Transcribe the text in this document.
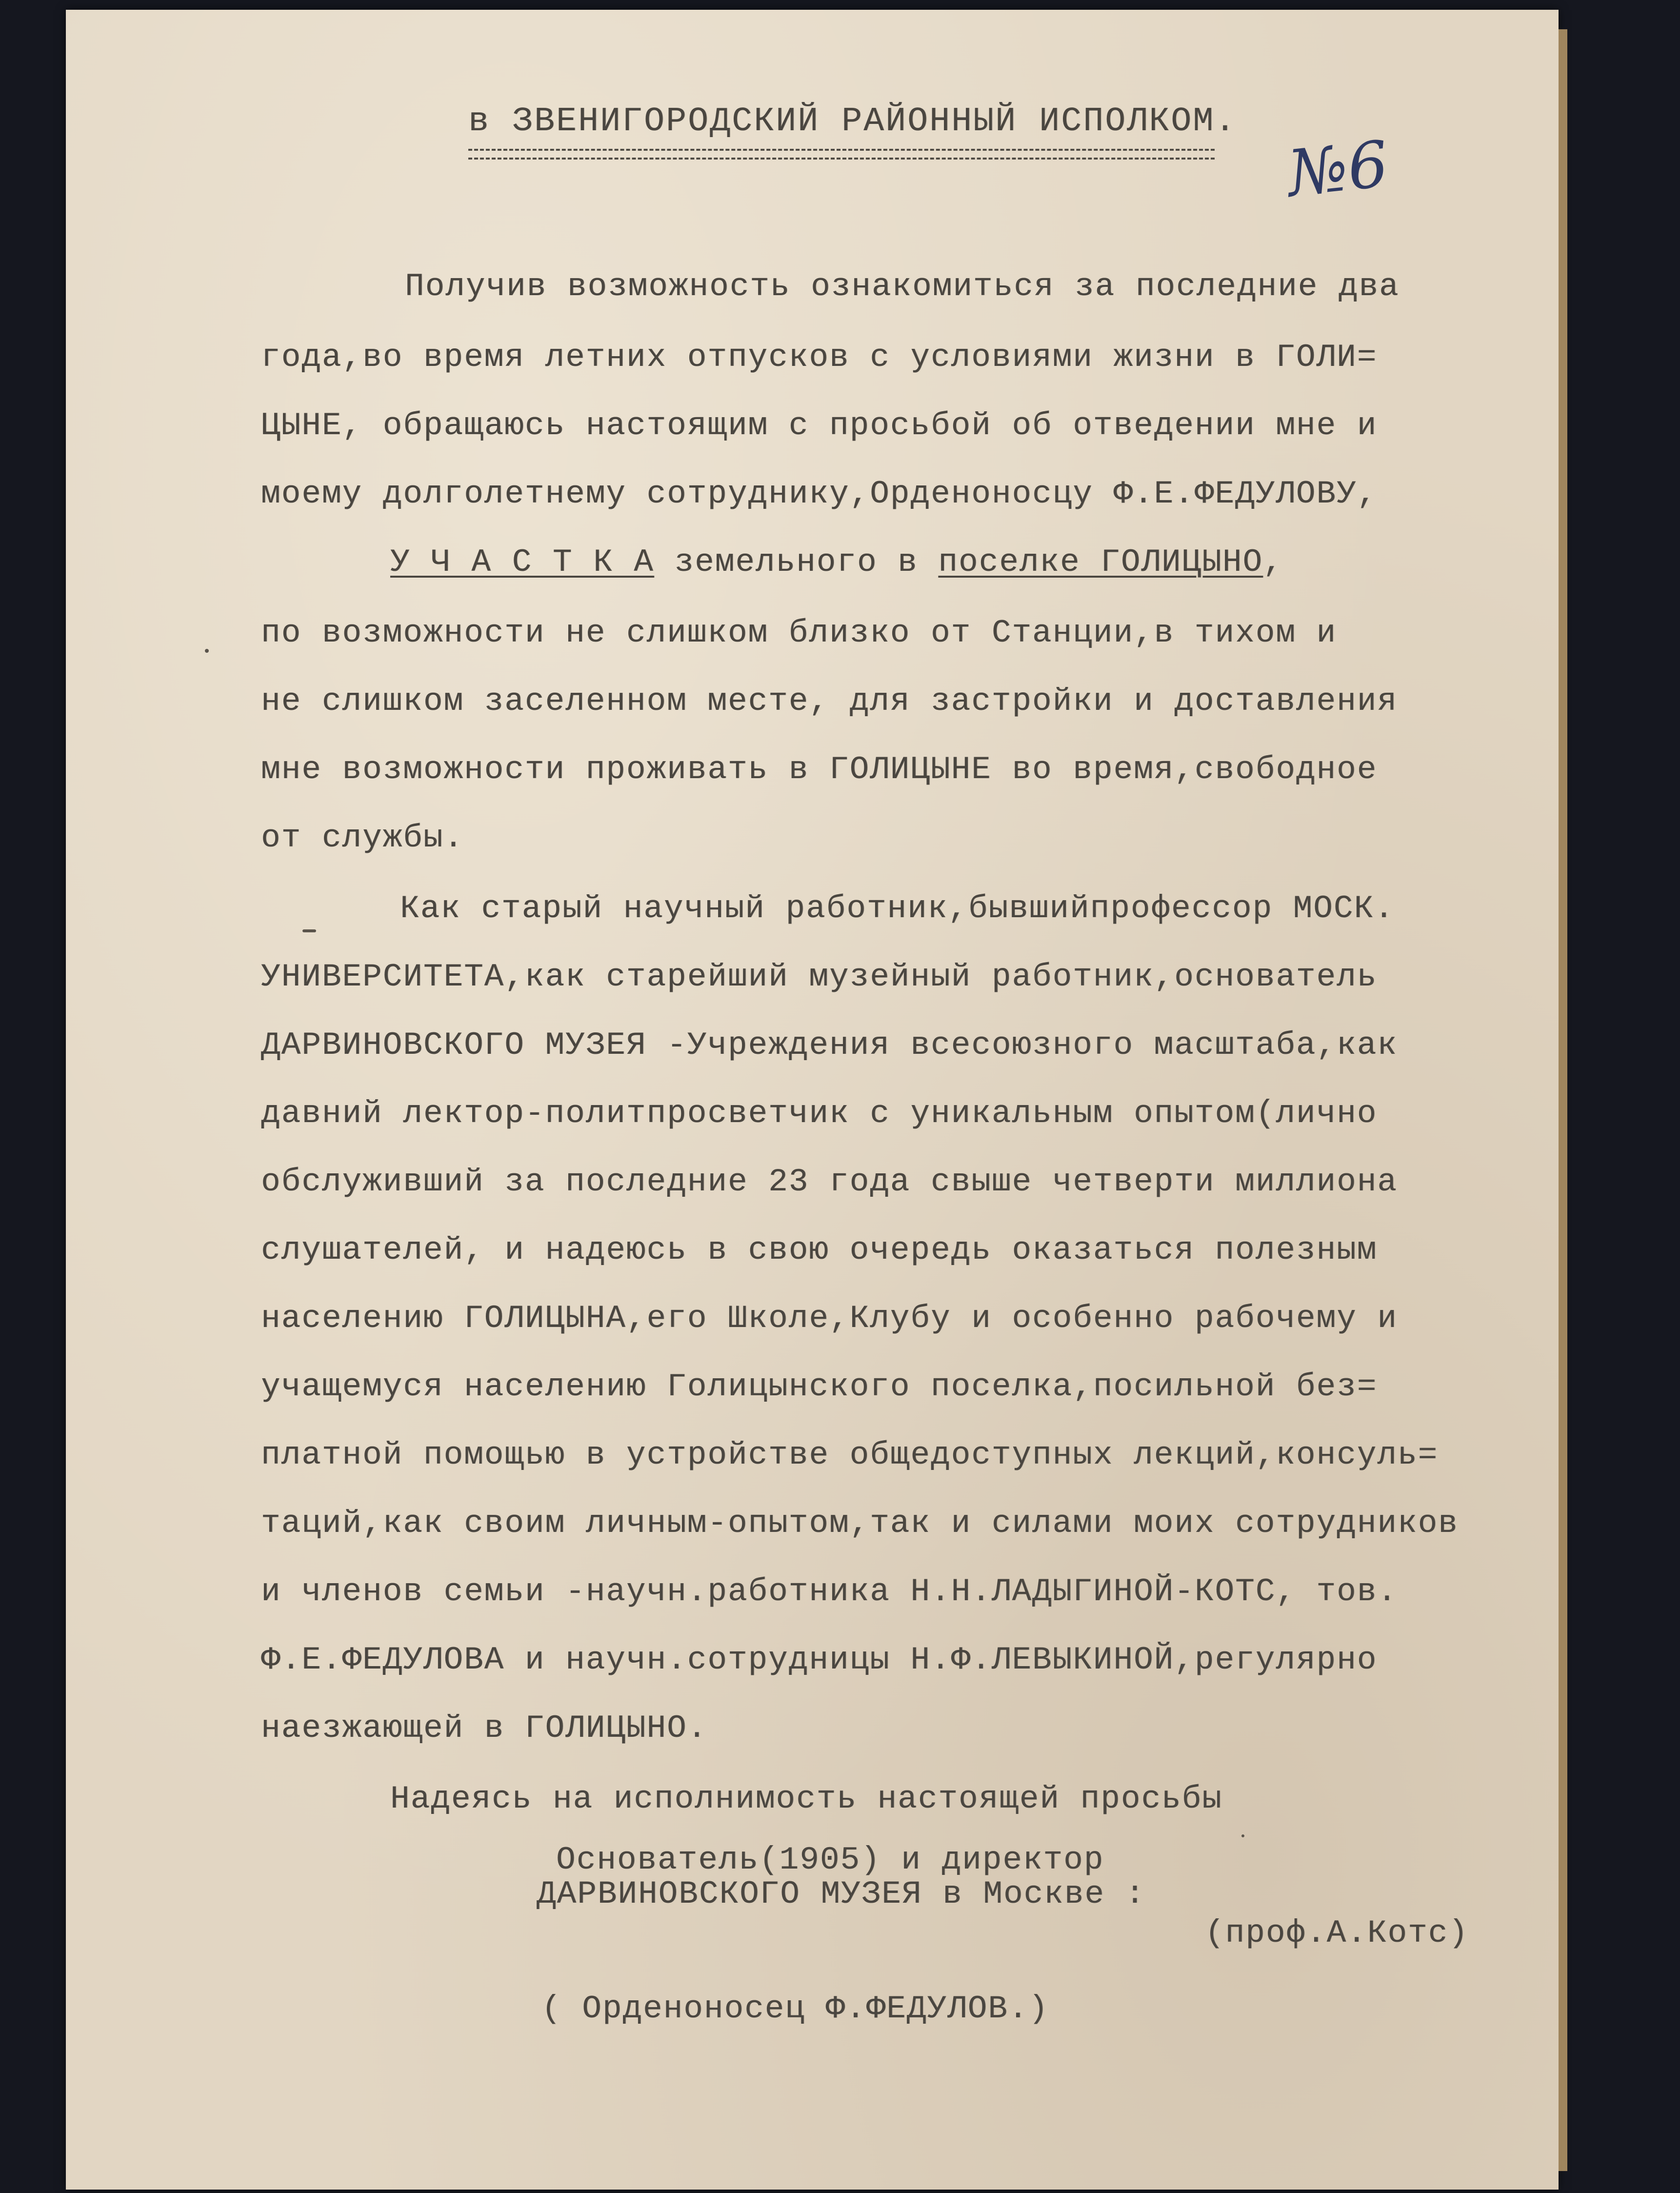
в ЗВЕНИГОРОДСКИЙ РАЙОННЫЙ ИСПОЛКОМ.
№6
Получив возможность ознакомиться за последние два
года,во время летних отпусков с условиями жизни в ГОЛИ=
ЦЫНЕ, обращаюсь настоящим с просьбой об отведении мне и
моему долголетнему сотруднику,Орденоносцу Ф.Е.ФЕДУЛОВУ,
У Ч А С Т К А земельного в поселке ГОЛИЦЫНО,
по возможности не слишком близко от Станции,в тихом и
не слишком заселенном месте, для застройки и доставления
мне возможности проживать в ГОЛИЦЫНЕ во время,свободное
от службы.
Как старый научный работник,бывшийпрофессор МОСК.
УНИВЕРСИТЕТА,как старейший музейный работник,основатель
ДАРВИНОВСКОГО МУЗЕЯ -Учреждения всесоюзного масштаба,как
давний лектор-политпросветчик с уникальным опытом(лично
обслуживший за последние 23 года свыше четверти миллиона
слушателей, и надеюсь в свою очередь оказаться полезным
населению ГОЛИЦЫНА,его Школе,Клубу и особенно рабочему и
учащемуся населению Голицынского поселка,посильной без=
платной помощью в устройстве общедоступных лекций,консуль=
таций,как своим личным-опытом,так и силами моих сотрудников
и членов семьи -научн.работника Н.Н.ЛАДЫГИНОЙ-КОТС, тов.
Ф.Е.ФЕДУЛОВА и научн.сотрудницы Н.Ф.ЛЕВЫКИНОЙ,регулярно
наезжающей в ГОЛИЦЫНО.
Надеясь на исполнимость настоящей просьбы
Основатель(1905) и директор
ДАРВИНОВСКОГО МУЗЕЯ в Москве :
(проф.А.Котс)
( Орденоносец Ф.ФЕДУЛОВ.)
